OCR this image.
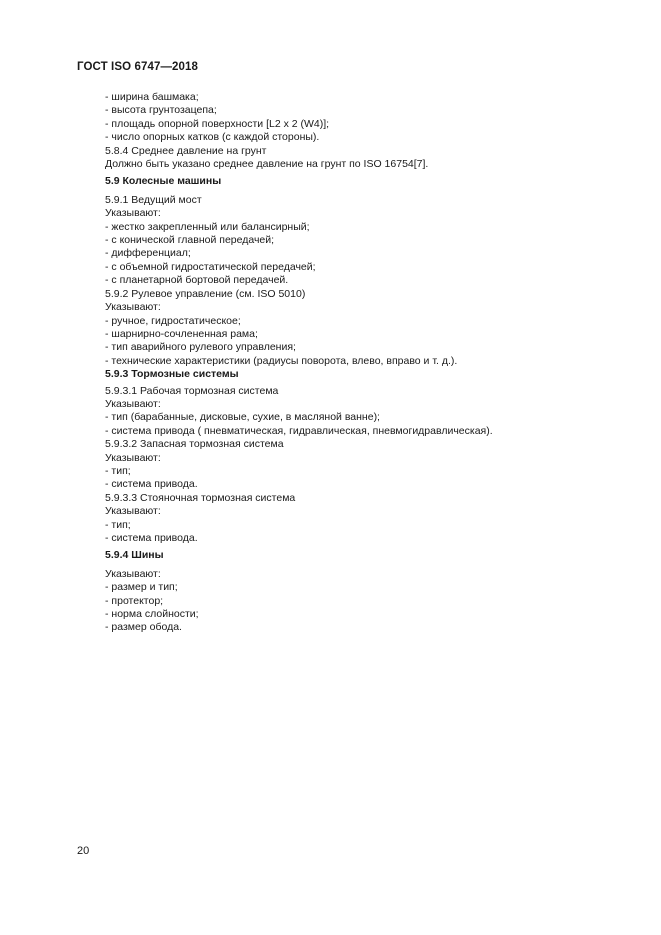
ГОСТ ISO 6747—2018
- ширина башмака;
- высота грунтозацепа;
- площадь опорной поверхности [L2 x 2 (W4)];
- число опорных катков (с каждой стороны).
5.8.4 Среднее давление на грунт
Должно быть указано среднее давление на грунт по ISO 16754[7].
5.9 Колесные машины
5.9.1 Ведущий мост
Указывают:
- жестко закрепленный или балансирный;
- с конической главной передачей;
- дифференциал;
- с объемной гидростатической передачей;
- с планетарной бортовой передачей.
5.9.2 Рулевое управление (см. ISO 5010)
Указывают:
- ручное, гидростатическое;
- шарнирно-сочлененная рама;
- тип аварийного рулевого управления;
- технические характеристики (радиусы поворота, влево, вправо и т. д.).
5.9.3 Тормозные системы
5.9.3.1 Рабочая тормозная система
Указывают:
- тип (барабанные, дисковые, сухие, в масляной ванне);
- система привода ( пневматическая, гидравлическая, пневмогидравлическая).
5.9.3.2 Запасная тормозная система
Указывают:
- тип;
- система привода.
5.9.3.3 Стояночная тормозная система
Указывают:
- тип;
- система привода.
5.9.4 Шины
Указывают:
- размер и тип;
- протектор;
- норма слойности;
- размер обода.
20
